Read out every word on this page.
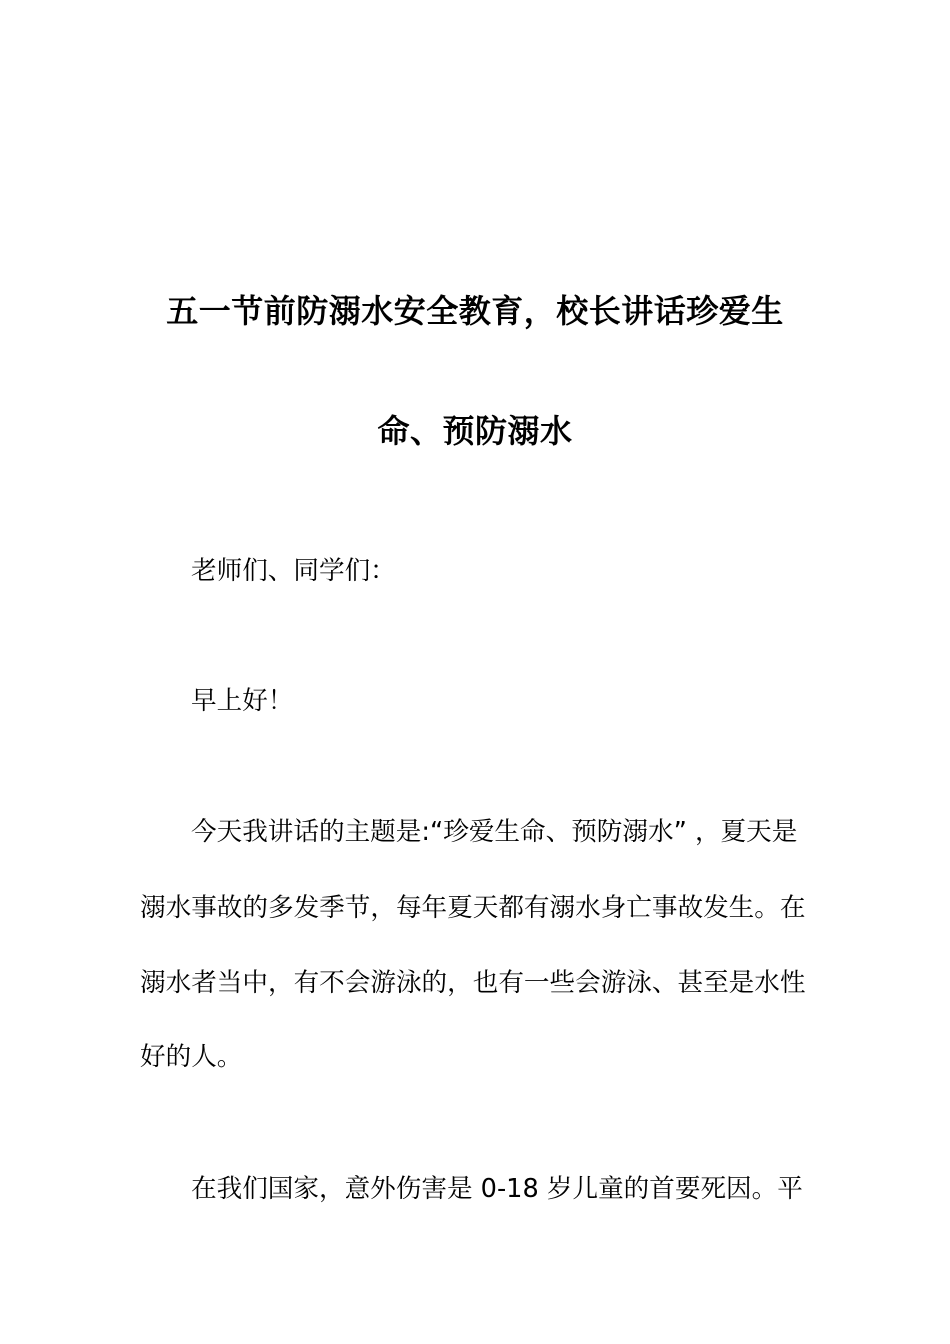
五一节前防溺水安全教育，校长讲话珍爱生
命、预防溺水
老师们、同学们：
早上好！
今天我讲话的主题是:“珍爱生命、预防溺水” ，夏天是
溺水事故的多发季节，每年夏天都有溺水身亡事故发生。在
溺水者当中，有不会游泳的，也有一些会游泳、甚至是水性
好的人。
在我们国家，意外伤害是 0-18 岁儿童的首要死因。平
